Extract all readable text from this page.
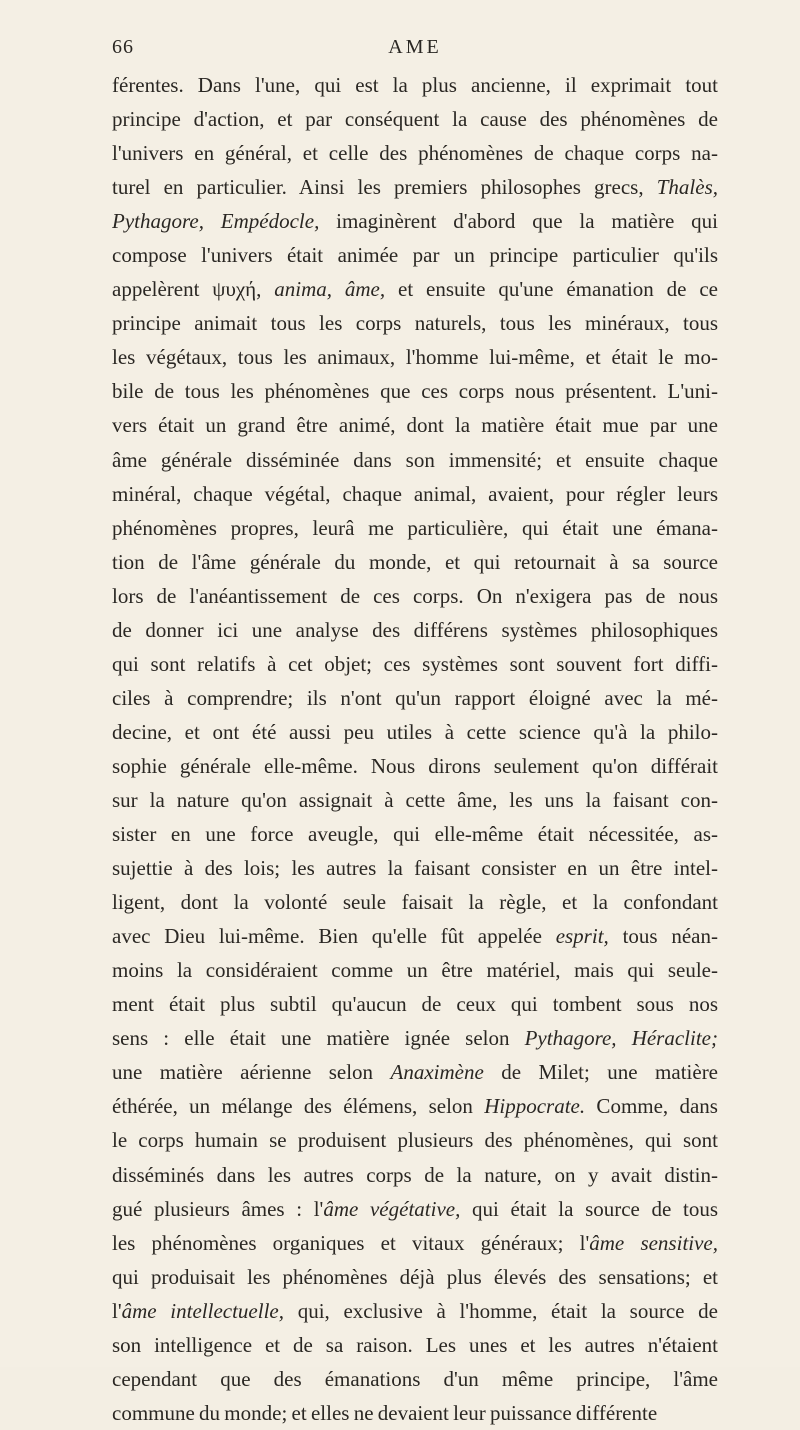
66	AME
férentes. Dans l'une, qui est la plus ancienne, il exprimait tout
principe d'action, et par conséquent la cause des phénomènes de
l'univers en général, et celle des phénomènes de chaque corps na-
turel en particulier. Ainsi les premiers philosophes grecs, Thalès,
Pythagore, Empédocle, imaginèrent d'abord que la matière qui
compose l'univers était animée par un principe particulier qu'ils
appelèrent ψυχή, anima, âme, et ensuite qu'une émanation de ce
principe animait tous les corps naturels, tous les minéraux, tous
les végétaux, tous les animaux, l'homme lui-même, et était le mo-
bile de tous les phénomènes que ces corps nous présentent. L'uni-
vers était un grand être animé, dont la matière était mue par une
âme générale disséminée dans son immensité; et ensuite chaque
minéral, chaque végétal, chaque animal, avaient, pour régler leurs
phénomènes propres, leurâ me particulière, qui était une émana-
tion de l'âme générale du monde, et qui retournait à sa source
lors de l'anéantissement de ces corps. On n'exigera pas de nous
de donner ici une analyse des différens systèmes philosophiques
qui sont relatifs à cet objet; ces systèmes sont souvent fort diffi-
ciles à comprendre; ils n'ont qu'un rapport éloigné avec la mé-
decine, et ont été aussi peu utiles à cette science qu'à la philo-
sophie générale elle-même. Nous dirons seulement qu'on différait
sur la nature qu'on assignait à cette âme, les uns la faisant con-
sister en une force aveugle, qui elle-même était nécessitée, as-
sujettie à des lois; les autres la faisant consister en un être intel-
ligent, dont la volonté seule faisait la règle, et la confondant
avec Dieu lui-même. Bien qu'elle fût appelée esprit, tous néan-
moins la considéraient comme un être matériel, mais qui seule-
ment était plus subtil qu'aucun de ceux qui tombent sous nos
sens : elle était une matière ignée selon Pythagore, Héraclite;
une matière aérienne selon Anaximène de Milet; une matière
éthérée, un mélange des élémens, selon Hippocrate. Comme, dans
le corps humain se produisent plusieurs des phénomènes, qui sont
disséminés dans les autres corps de la nature, on y avait distin-
gué plusieurs âmes : l'âme végétative, qui était la source de tous
les phénomènes organiques et vitaux généraux; l'âme sensitive,
qui produisait les phénomènes déjà plus élevés des sensations; et
l'âme intellectuelle, qui, exclusive à l'homme, était la source de
son intelligence et de sa raison. Les unes et les autres n'étaient
cependant que des émanations d'un même principe, l'âme
commune du monde; et elles ne devaient leur puissance différente
